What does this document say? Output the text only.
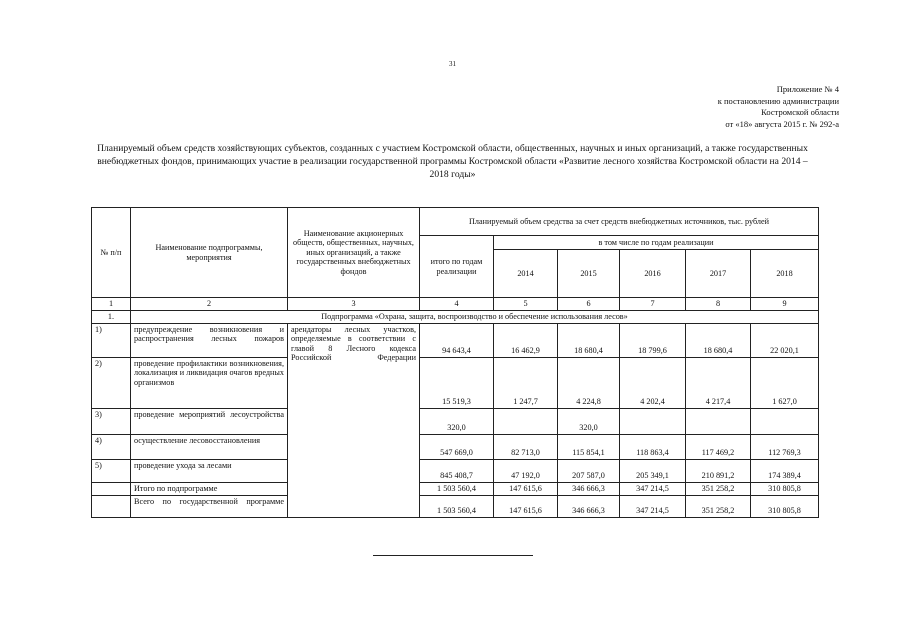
31
Приложение № 4
к постановлению администрации
Костромской области
от «18» августа 2015 г. № 292-а
Планируемый объем средств хозяйствующих субъектов, созданных с участием Костромской области, общественных, научных и иных организаций, а также государственных внебюджетных фондов, принимающих участие в реализации государственной программы Костромской области «Развитие лесного хозяйства Костромской области на 2014 – 2018 годы»
№ п/п	Наименование подпрограммы, мероприятия	Наименование акционерных обществ, общественных, научных, иных организаций, а также государственных внебюджетных фондов	Планируемый объем средства за счет средств внебюджетных источников, тыс. рублей					
			итого по годам реализации	в том числе по годам реализации				
				2014	2015	2016	2017	2018
1	2	3	4	5	6	7	8	9
1.	Подпрограмма «Охрана, защита, воспроизводство и обеспечение использования лесов»							
1)	предупреждение возникновения и распространения лесных пожаров	арендаторы лесных участков, определяемые в соответствии с главой 8 Лесного кодекса Российской Федерации	94 643,4	16 462,9	18 680,4	18 799,6	18 680,4	22 020,1
2)	проведение профилактики возникновения, локализация и ликвидация очагов вредных организмов		15 519,3	1 247,7	4 224,8	4 202,4	4 217,4	1 627,0
3)	проведение мероприятий лесоустройства		320,0		320,0			
4)	осуществление лесовосстановления		547 669,0	82 713,0	115 854,1	118 863,4	117 469,2	112 769,3
5)	проведение ухода за лесами		845 408,7	47 192,0	207 587,0	205 349,1	210 891,2	174 389,4
	Итого по подпрограмме		1 503 560,4	147 615,6	346 666,3	347 214,5	351 258,2	310 805,8
	Всего по государственной программе		1 503 560,4	147 615,6	346 666,3	347 214,5	351 258,2	310 805,8
